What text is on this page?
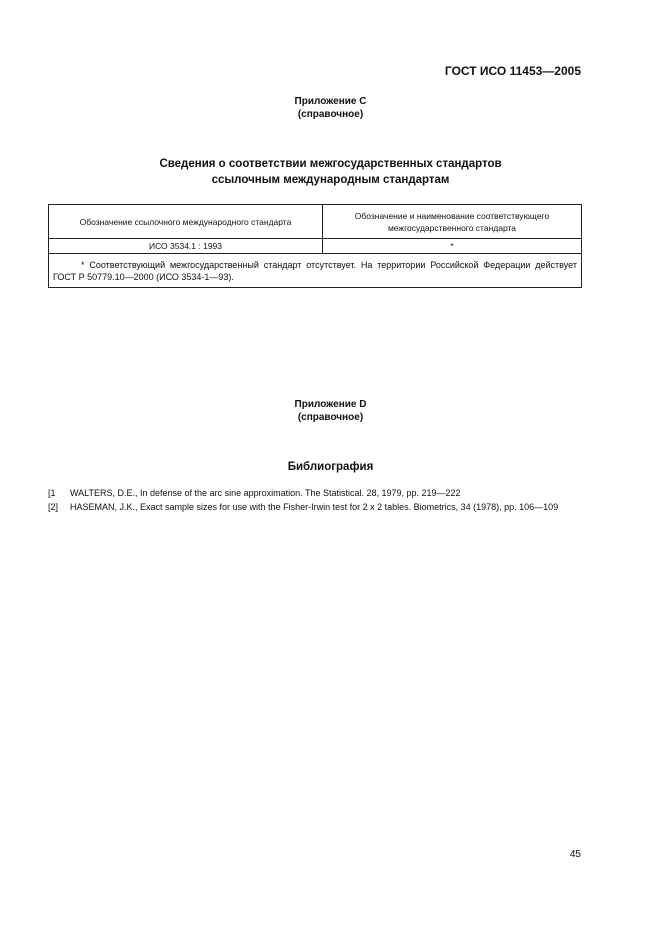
ГОСТ ИСО 11453—2005
Приложение С
(справочное)
Сведения о соответствии межгосударственных стандартов ссылочным международным стандартам
Обозначение ссылочного международного стандарта	Обозначение и наименование соответствующего межгосударственного стандарта
ИСО 3534.1 : 1993	*
* Соответствующий межгосударственный стандарт отсутствует. На территории Российской Федерации действует ГОСТ Р 50779.10—2000 (ИСО 3534-1—93).	
Приложение D
(справочное)
Библиография
[1 WALTERS, D.E., In defense of the arc sine approximation. The Statistical. 28, 1979, pp. 219—222
[2] HASEMAN, J.K., Exact sample sizes for use with the Fisher-Irwin test for 2 x 2 tables. Biometrics, 34 (1978), pp. 106—109
45
